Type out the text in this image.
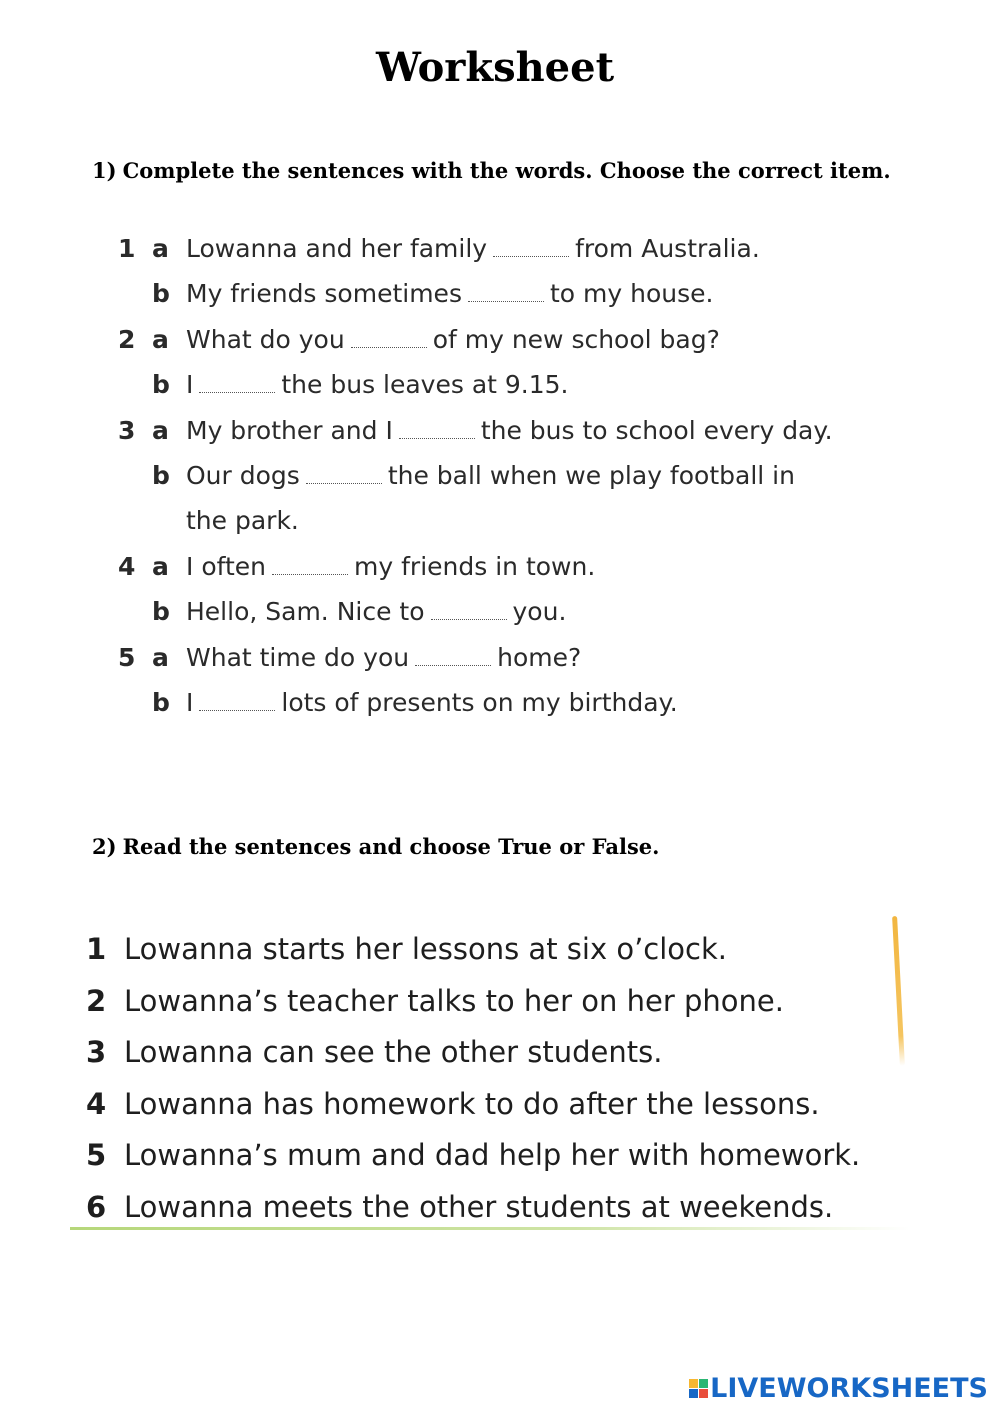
Worksheet
1) Complete the sentences with the words. Choose the correct item.
1 a Lowanna and her family	from Australia.
b My friends sometimes	to my house.
2 a What do you	of my new school bag?
b I	the bus leaves at 9.15.
3 a My brother and I	the bus to school every day.
b Our dogs	the ball when we play football in the park.
4 a I often	my friends in town.
b Hello, Sam. Nice to	you.
5 a What time do you	home?
b I	lots of presents on my birthday.
2) Read the sentences and choose True or False.
1 Lowanna starts her lessons at six o’clock.
2 Lowanna’s teacher talks to her on her phone.
3 Lowanna can see the other students.
4 Lowanna has homework to do after the lessons.
5 Lowanna’s mum and dad help her with homework.
6 Lowanna meets the other students at weekends.
LIVEWORKSHEETS
